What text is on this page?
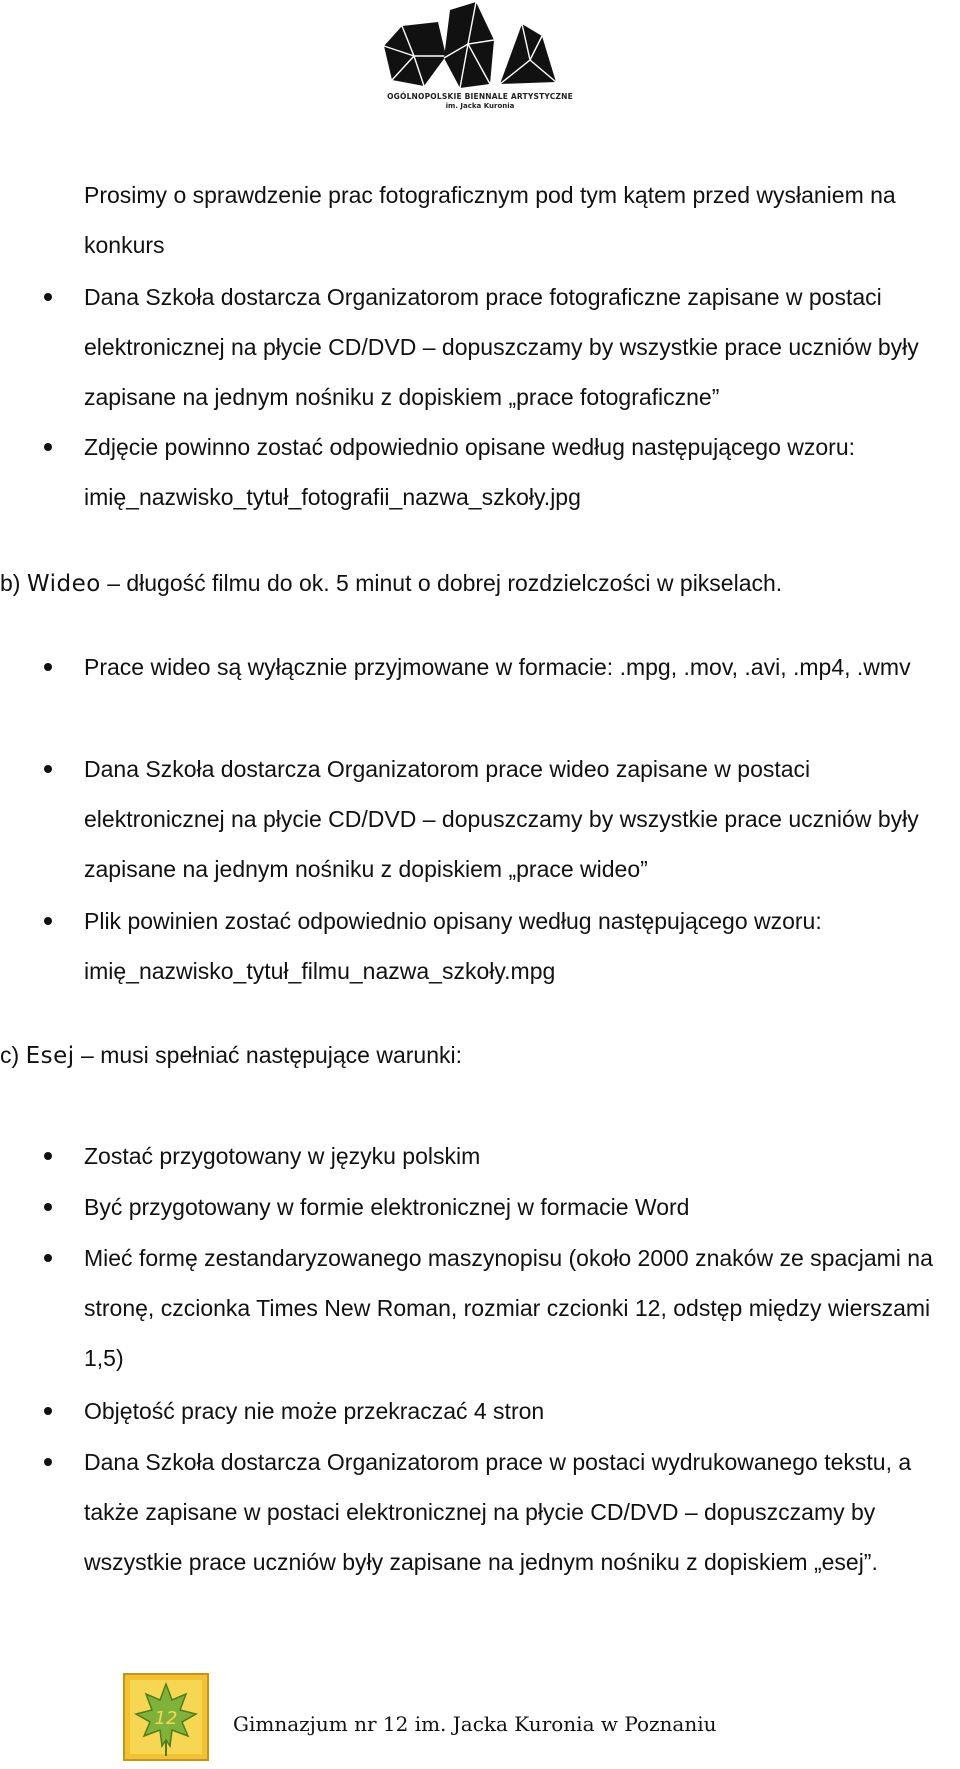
OGÓLNOPOLSKIE BIENNALE ARTYSTYCZNE
im. Jacka Kuronia
Prosimy o sprawdzenie prac fotograficznym pod tym kątem przed wysłaniem na konkurs
Dana Szkoła dostarcza Organizatorom prace fotograficzne zapisane w postaci elektronicznej na płycie CD/DVD – dopuszczamy by wszystkie prace uczniów były zapisane na jednym nośniku z dopiskiem „prace fotograficzne”
Zdjęcie powinno zostać odpowiednio opisane według następującego wzoru: imię_nazwisko_tytuł_fotografii_nazwa_szkoły.jpg
b) Wideo – długość filmu do ok. 5 minut o dobrej rozdzielczości w pikselach.
Prace wideo są wyłącznie przyjmowane w formacie: .mpg, .mov, .avi, .mp4, .wmv
Dana Szkoła dostarcza Organizatorom prace wideo zapisane w postaci elektronicznej na płycie CD/DVD – dopuszczamy by wszystkie prace uczniów były zapisane na jednym nośniku z dopiskiem „prace wideo”
Plik powinien zostać odpowiednio opisany według następującego wzoru: imię_nazwisko_tytuł_filmu_nazwa_szkoły.mpg
c) Esej – musi spełniać następujące warunki:
Zostać przygotowany w języku polskim
Być przygotowany w formie elektronicznej w formacie Word
Mieć formę zestandaryzowanego maszynopisu (około 2000 znaków ze spacjami na stronę, czcionka Times New Roman, rozmiar czcionki 12, odstęp między wierszami 1,5)
Objętość pracy nie może przekraczać 4 stron
Dana Szkoła dostarcza Organizatorom prace w postaci wydrukowanego tekstu, a także zapisane w postaci elektronicznej na płycie CD/DVD – dopuszczamy by wszystkie prace uczniów były zapisane na jednym nośniku z dopiskiem „esej”.
12	Gimnazjum nr 12 im. Jacka Kuronia w Poznaniu
